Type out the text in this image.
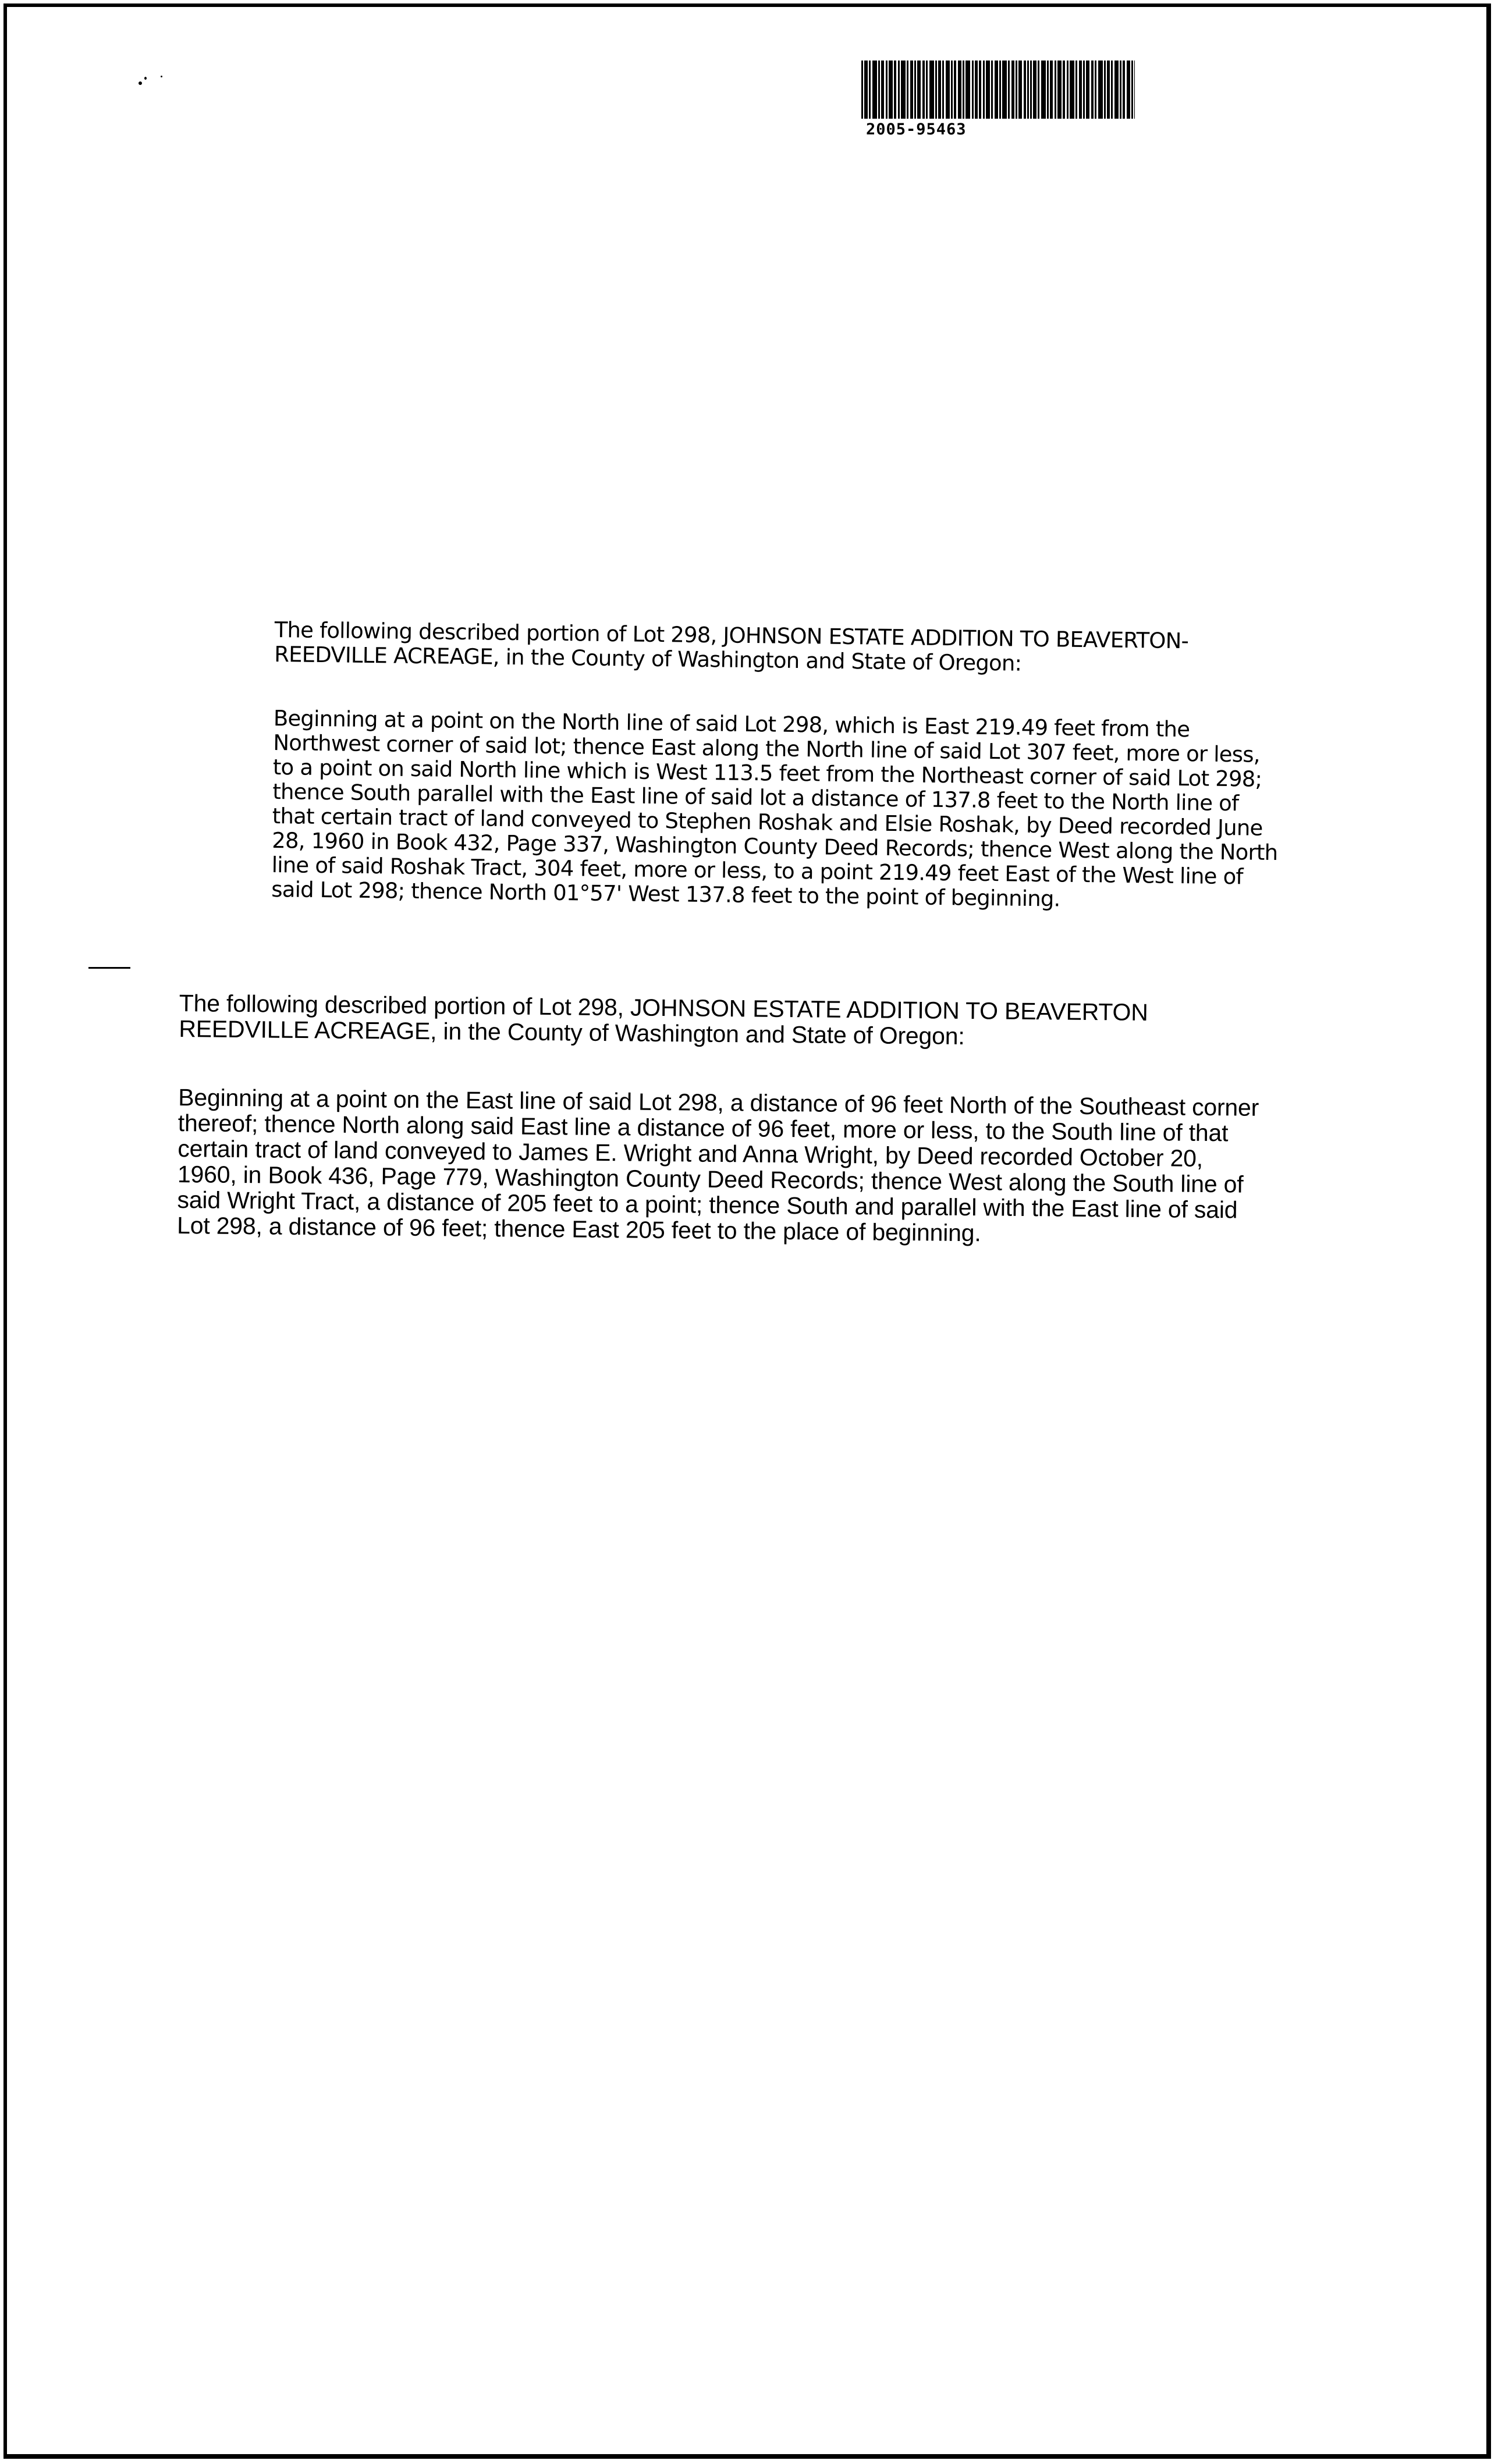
2005-95463

The following described portion of Lot 298, JOHNSON ESTATE ADDITION TO BEAVERTON-
REEDVILLE ACREAGE, in the County of Washington and State of Oregon:

Beginning at a point on the North line of said Lot 298, which is East 219.49 feet from the
Northwest corner of said lot; thence East along the North line of said Lot 307 feet, more or less,
to a point on said North line which is West 113.5 feet from the Northeast corner of said Lot 298;
thence South parallel with the East line of said lot a distance of 137.8 feet to the North line of
that certain tract of land conveyed to Stephen Roshak and Elsie Roshak, by Deed recorded June
28, 1960 in Book 432, Page 337, Washington County Deed Records; thence West along the North
line of said Roshak Tract, 304 feet, more or less, to a point 219.49 feet East of the West line of
said Lot 298; thence North 01°57' West 137.8 feet to the point of beginning.

The following described portion of Lot 298, JOHNSON ESTATE ADDITION TO BEAVERTON
REEDVILLE ACREAGE, in the County of Washington and State of Oregon:

Beginning at a point on the East line of said Lot 298, a distance of 96 feet North of the Southeast corner
thereof; thence North along said East line a distance of 96 feet, more or less, to the South line of that
certain tract of land conveyed to James E. Wright and Anna Wright, by Deed recorded October 20,
1960, in Book 436, Page 779, Washington County Deed Records; thence West along the South line of
said Wright Tract, a distance of 205 feet to a point; thence South and parallel with the East line of said
Lot 298, a distance of 96 feet; thence East 205 feet to the place of beginning.
